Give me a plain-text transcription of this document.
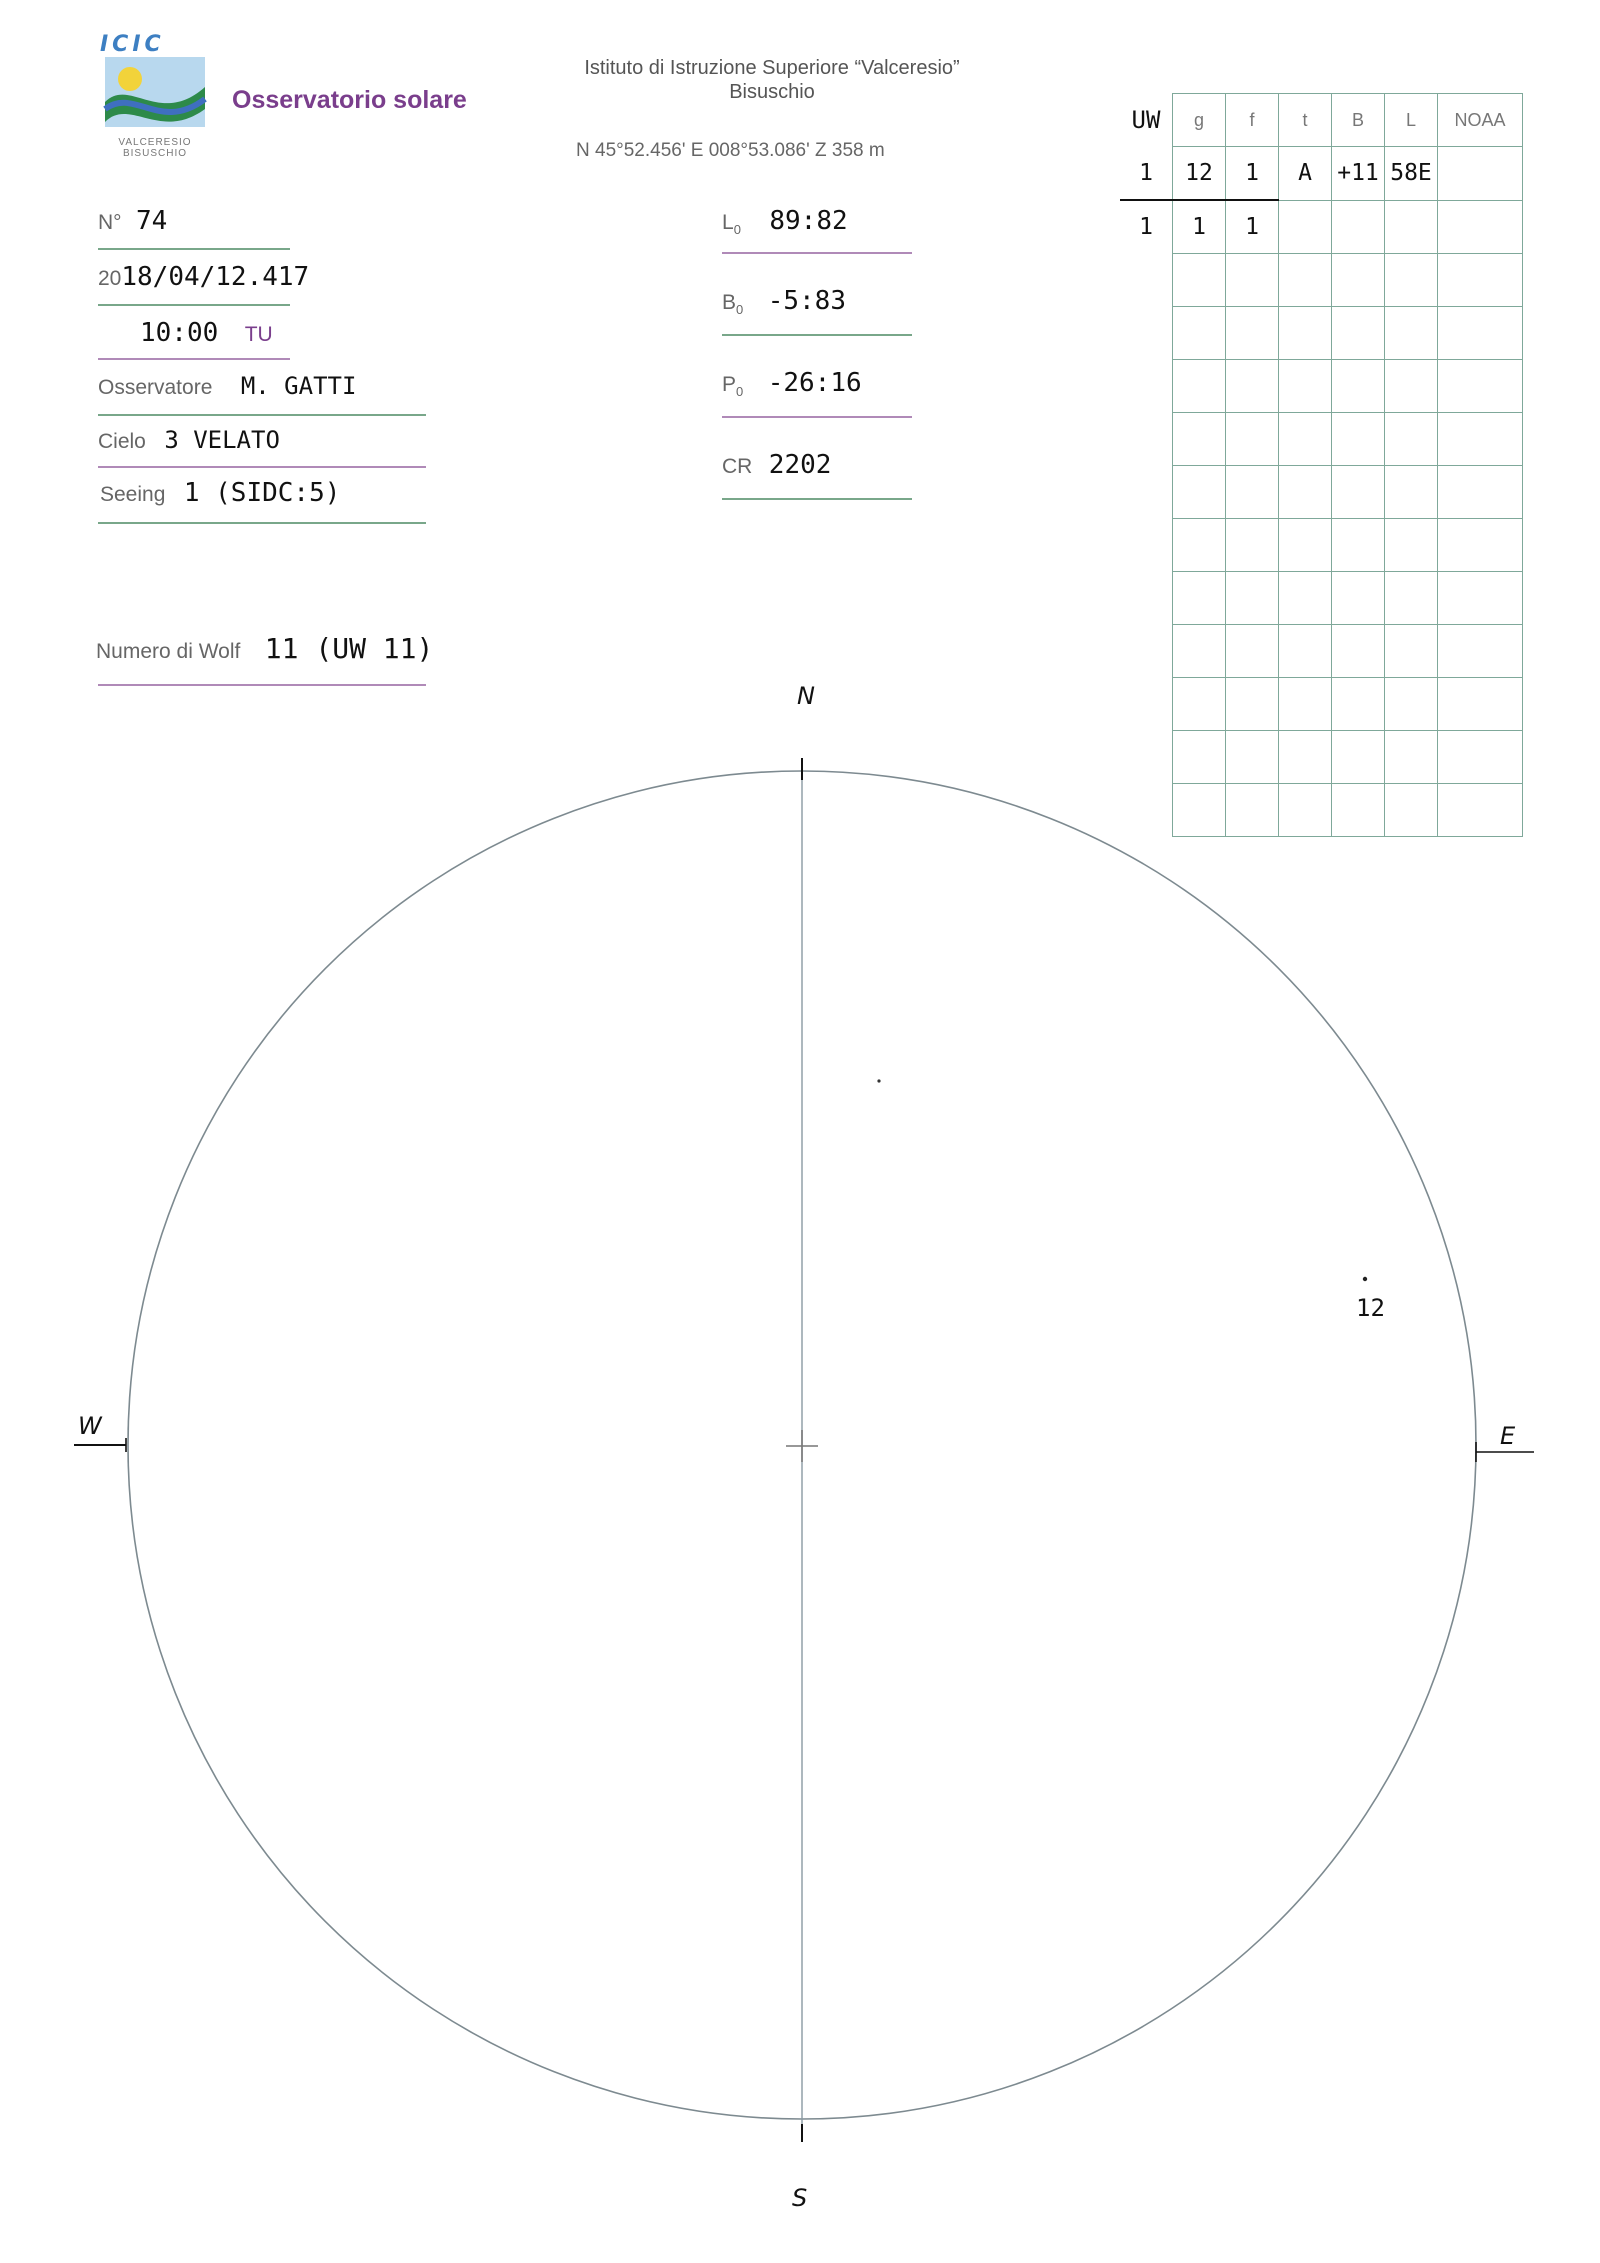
ICIC
VALCERESIO
BISUSCHIO
Osservatorio solare
Istituto di Istruzione Superiore “Valceresio”
Bisuschio
N 45°52.456' E 008°53.086' Z 358 m
N° 74
2018/04/12.417
10:00 TU
Osservatore M. GATTI
Cielo 3 VELATO
Seeing 1 (SIDC:5)
Numero di Wolf 11 (UW 11)
$L_0$ 89:82
$B_0$ -5:83
$P_0$ -26:16
CR 2202
UW	g	f	t	B	L	NOAA
1	12	1	A	+11	58E	
1	1	1				

N
S
W	E
12
